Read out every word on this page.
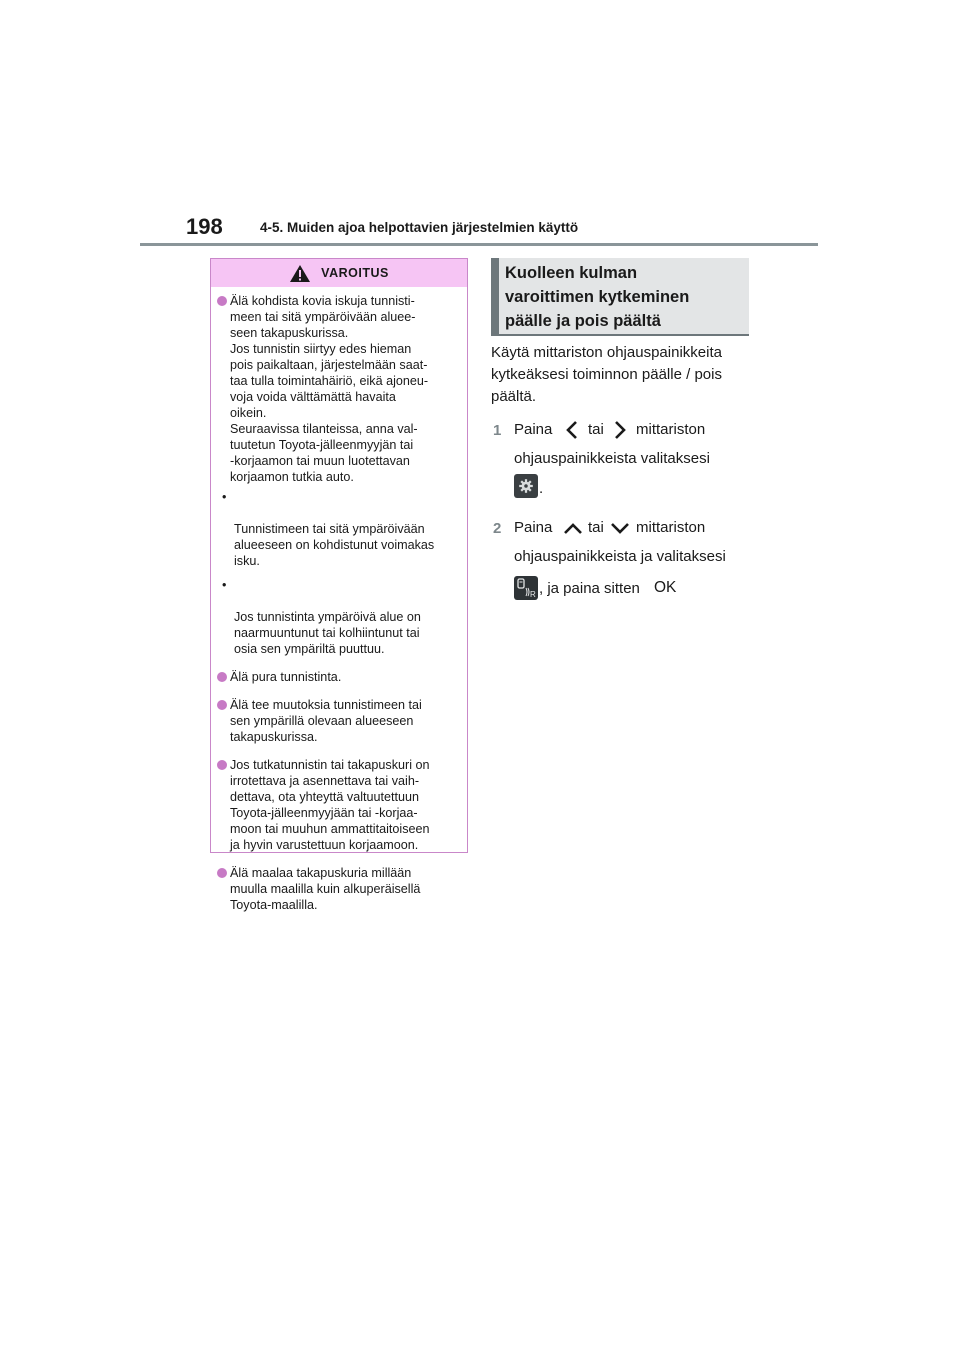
198	4-5. Muiden ajoa helpottavien järjestelmien käyttö
VAROITUS
Älä kohdista kovia iskuja tunnisti-
meen tai sitä ympäröivään aluee-
seen takapuskurissa.
Jos tunnistin siirtyy edes hieman
pois paikaltaan, järjestelmään saat-
taa tulla toimintahäiriö, eikä ajoneu-
voja voida välttämättä havaita
oikein.
Seuraavissa tilanteissa, anna val-
tuutetun Toyota-jälleenmyyjän tai
-korjaamon tai muun luotettavan
korjaamon tutkia auto.

•

Tunnistimeen tai sitä ympäröivään
alueeseen on kohdistunut voimakas
isku.

•

Jos tunnistinta ympäröivä alue on
naarmuuntunut tai kolhiintunut tai
osia sen ympäriltä puuttuu.

Älä pura tunnistinta.
Älä tee muutoksia tunnistimeen tai
sen ympärillä olevaan alueeseen
takapuskurissa.
Jos tutkatunnistin tai takapuskuri on
irrotettava ja asennettava tai vaih-
dettava, ota yhteyttä valtuutettuun
Toyota-jälleenmyyjään tai -korjaa-
moon tai muuhun ammattitaitoiseen
ja hyvin varustettuun korjaamoon.
Älä maalaa takapuskuria millään
muulla maalilla kuin alkuperäisellä
Toyota-maalilla.
Kuolleen kulman
varoittimen kytkeminen
päälle ja pois päältä
Käytä mittariston ohjauspainikkeita
kytkeäksesi toiminnon päälle / pois
päältä.
1 Paina tai mittariston
ohjauspainikkeista valitaksesi
.
2 Paina tai mittariston
ohjauspainikkeista ja valitaksesi
R , ja paina sitten OK
